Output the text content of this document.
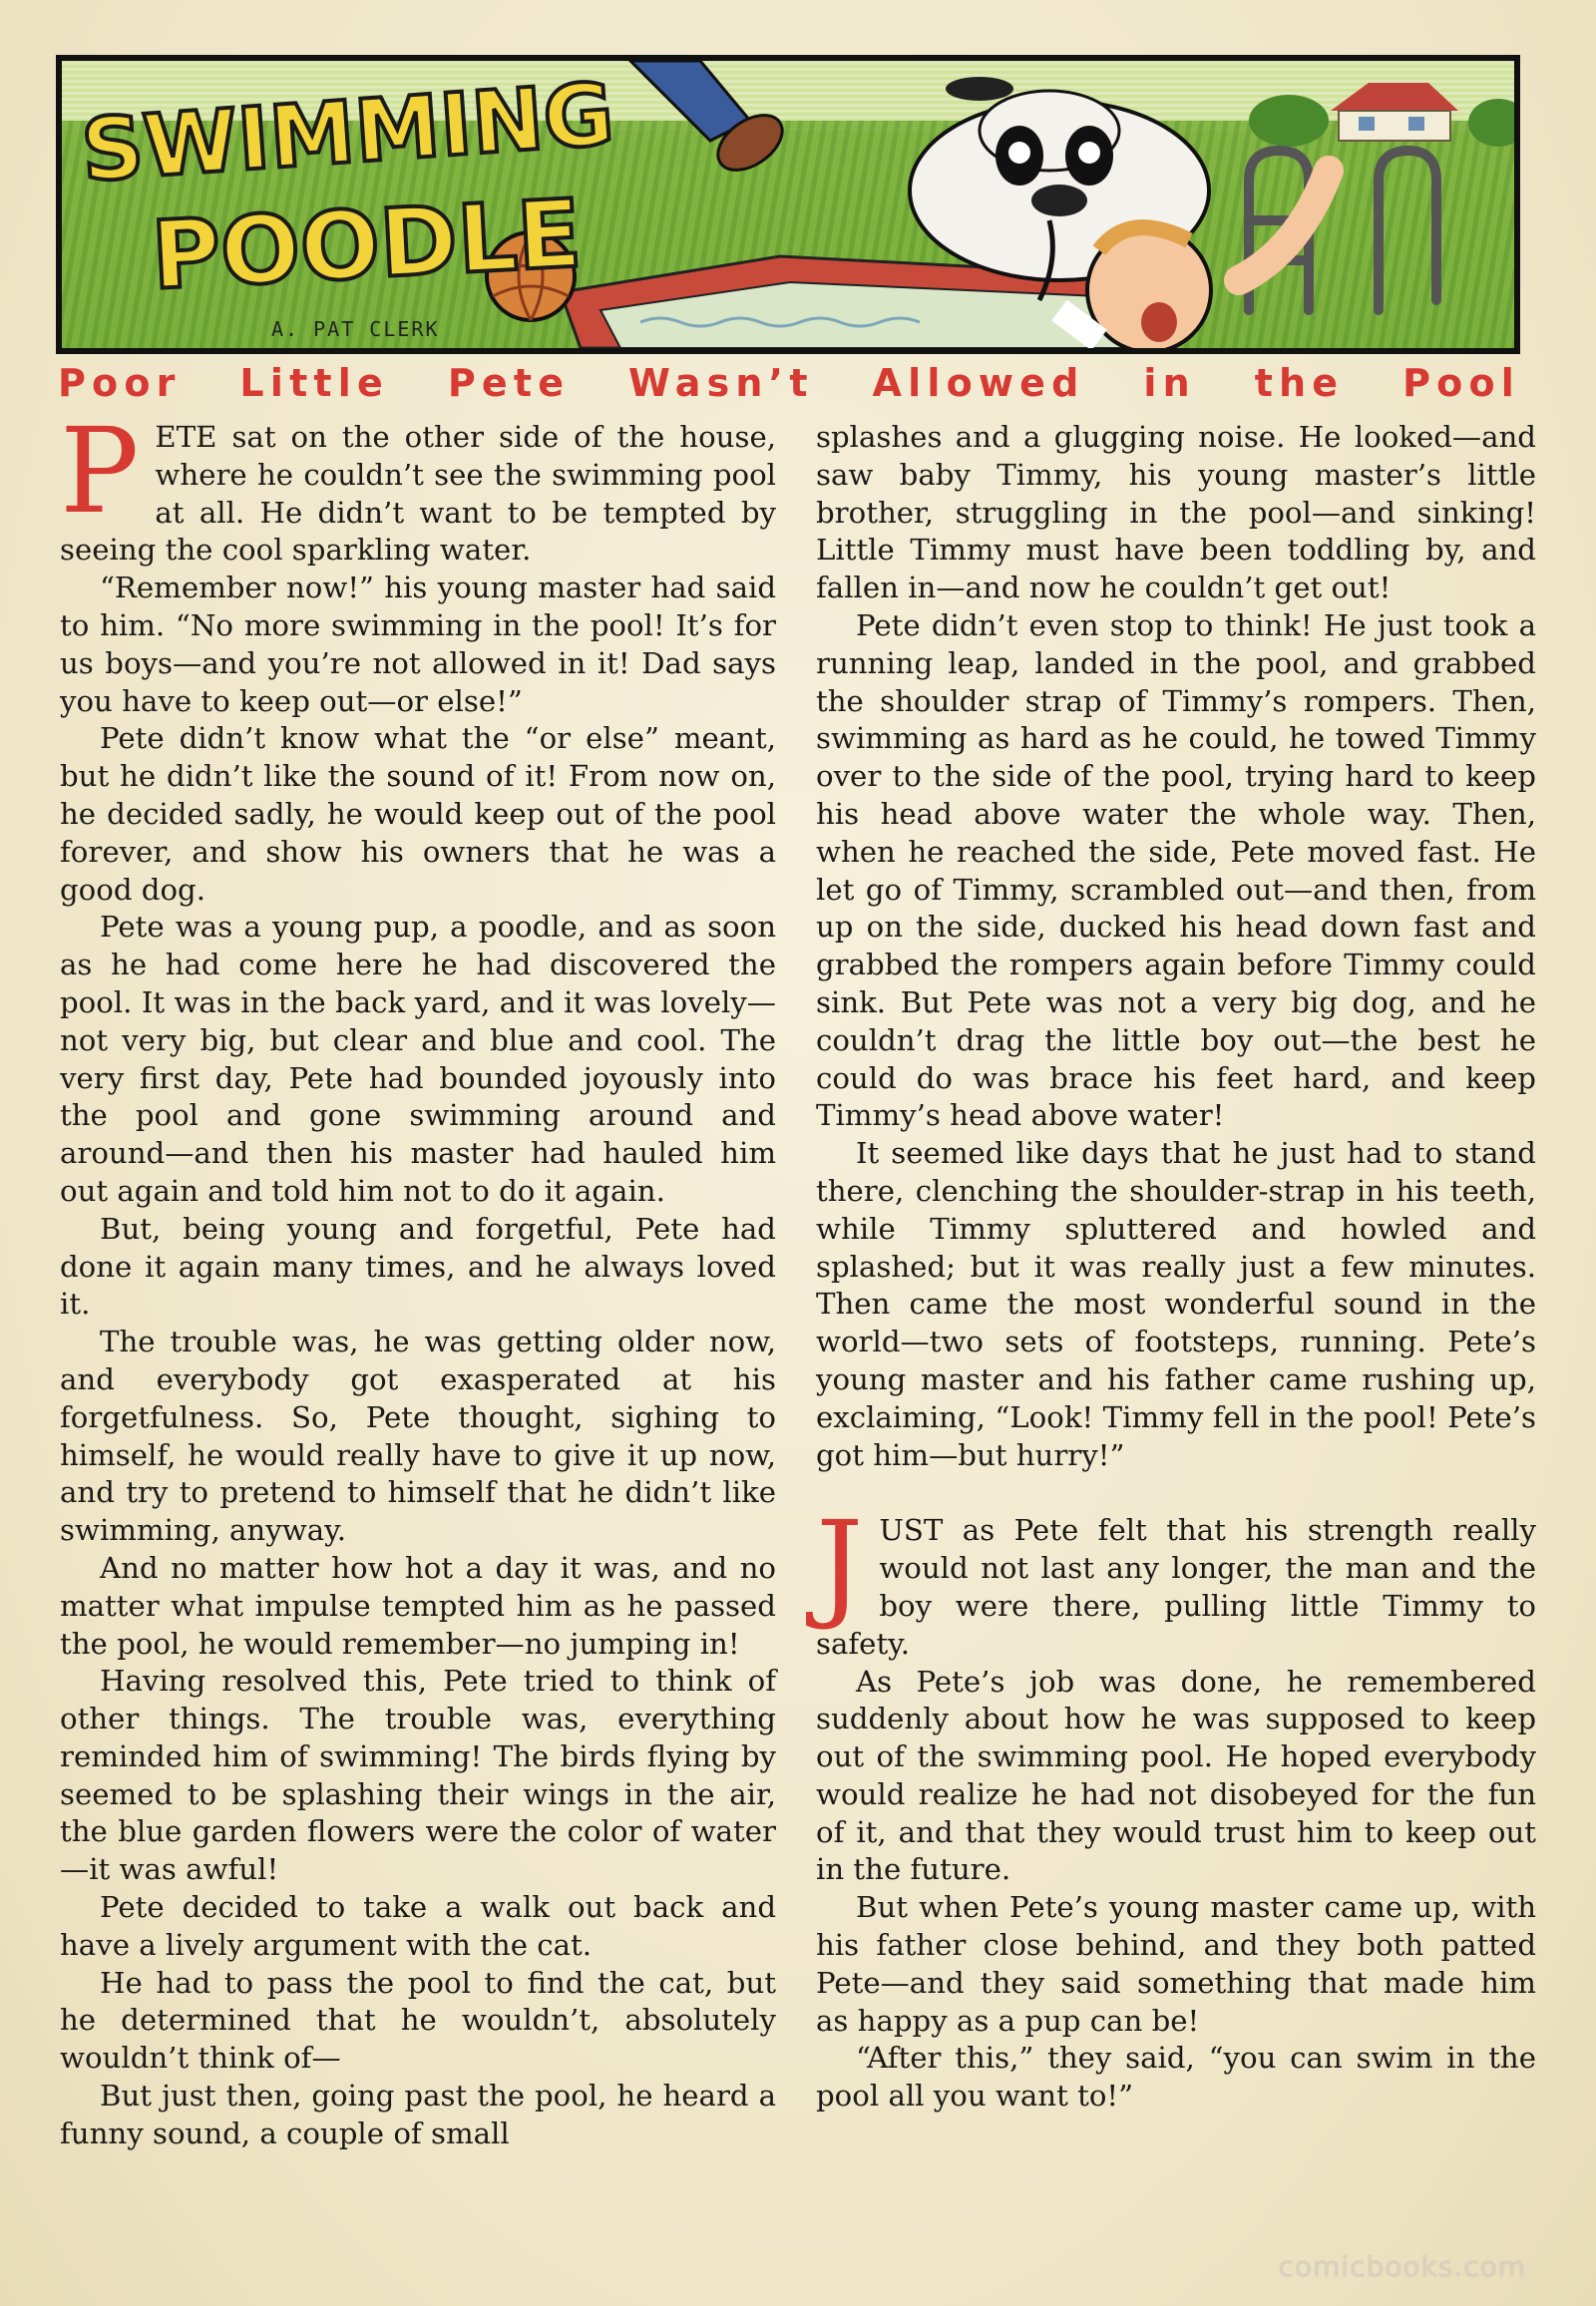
SWIMMING
POODLE
A. PAT CLERK
Poor Little Pete Wasn’t Allowed in the Pool

PETE sat on the other side of the house, where he couldn’t see the swimming pool at all. He didn’t want to be tempted by seeing the cool sparkling water.

“Remember now!” his young master had said to him. “No more swimming in the pool! It’s for us boys—and you’re not allowed in it! Dad says you have to keep out—or else!”

Pete didn’t know what the “or else” meant, but he didn’t like the sound of it! From now on, he decided sadly, he would keep out of the pool forever, and show his owners that he was a good dog.

Pete was a young pup, a poodle, and as soon as he had come here he had discovered the pool. It was in the back yard, and it was lovely—not very big, but clear and blue and cool. The very first day, Pete had bounded joyously into the pool and gone swimming around and around—and then his master had hauled him out again and told him not to do it again.

But, being young and forgetful, Pete had done it again many times, and he always loved it.

The trouble was, he was getting older now, and everybody got exasperated at his forgetfulness. So, Pete thought, sighing to himself, he would really have to give it up now, and try to pretend to himself that he didn’t like swimming, anyway.

And no matter how hot a day it was, and no matter what impulse tempted him as he passed the pool, he would remember—no jumping in!

Having resolved this, Pete tried to think of other things. The trouble was, everything reminded him of swimming! The birds flying by seemed to be splashing their wings in the air, the blue garden flowers were the color of water—it was awful!

Pete decided to take a walk out back and have a lively argument with the cat.

He had to pass the pool to find the cat, but he determined that he wouldn’t, absolutely wouldn’t think of—

But just then, going past the pool, he heard a funny sound, a couple of small

splashes and a glugging noise. He looked—and saw baby Timmy, his young master’s little brother, struggling in the pool—and sinking! Little Timmy must have been toddling by, and fallen in—and now he couldn’t get out!

Pete didn’t even stop to think! He just took a running leap, landed in the pool, and grabbed the shoulder strap of Timmy’s rompers. Then, swimming as hard as he could, he towed Timmy over to the side of the pool, trying hard to keep his head above water the whole way. Then, when he reached the side, Pete moved fast. He let go of Timmy, scrambled out—and then, from up on the side, ducked his head down fast and grabbed the rompers again before Timmy could sink. But Pete was not a very big dog, and he couldn’t drag the little boy out—the best he could do was brace his feet hard, and keep Timmy’s head above water!

It seemed like days that he just had to stand there, clenching the shoulder-strap in his teeth, while Timmy spluttered and howled and splashed; but it was really just a few minutes. Then came the most wonderful sound in the world—two sets of footsteps, running. Pete’s young master and his father came rushing up, exclaiming, “Look! Timmy fell in the pool! Pete’s got him—but hurry!”

JUST as Pete felt that his strength really would not last any longer, the man and the boy were there, pulling little Timmy to safety.

As Pete’s job was done, he remembered suddenly about how he was supposed to keep out of the swimming pool. He hoped everybody would realize he had not disobeyed for the fun of it, and that they would trust him to keep out in the future.

But when Pete’s young master came up, with his father close behind, and they both patted Pete—and they said something that made him as happy as a pup can be!

“After this,” they said, “you can swim in the pool all you want to!”

comicbooks.com
